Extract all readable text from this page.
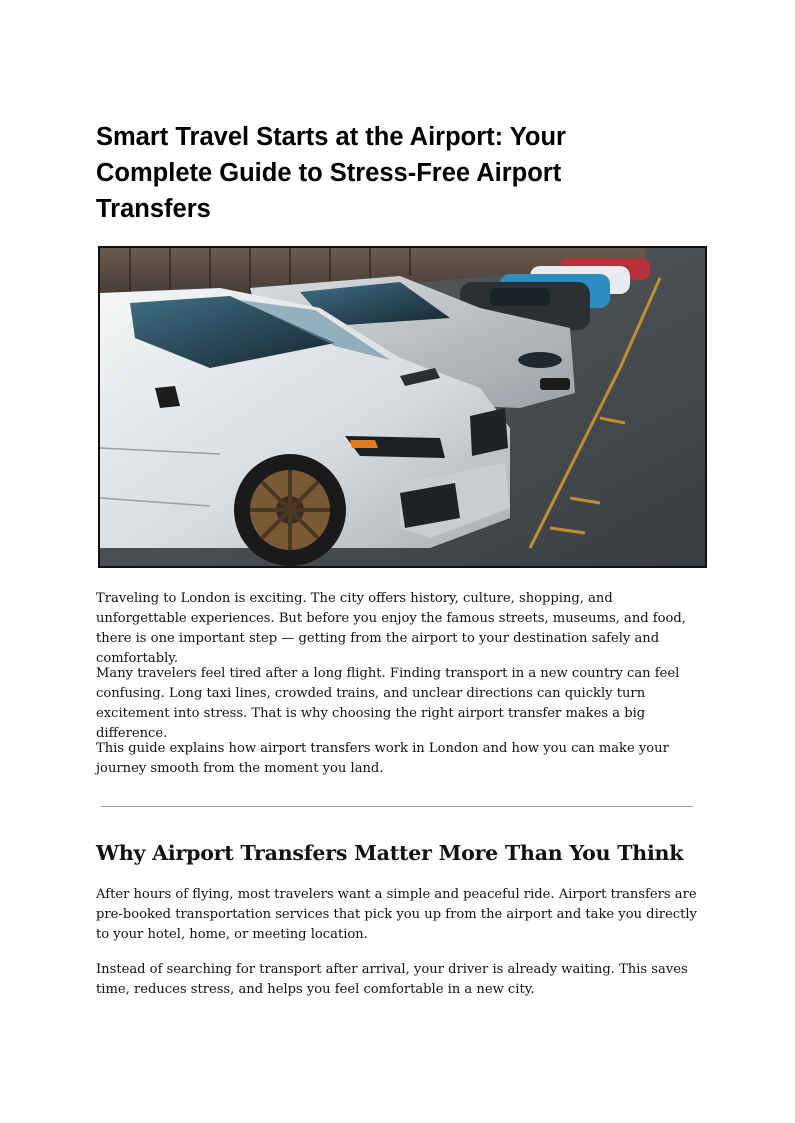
Smart Travel Starts at the Airport: Your Complete Guide to Stress-Free Airport Transfers

Traveling to London is exciting. The city offers history, culture, shopping, and unforgettable experiences. But before you enjoy the famous streets, museums, and food, there is one important step — getting from the airport to your destination safely and comfortably.

Many travelers feel tired after a long flight. Finding transport in a new country can feel confusing. Long taxi lines, crowded trains, and unclear directions can quickly turn excitement into stress. That is why choosing the right airport transfer makes a big difference.

This guide explains how airport transfers work in London and how you can make your journey smooth from the moment you land.

Why Airport Transfers Matter More Than You Think

After hours of flying, most travelers want a simple and peaceful ride. Airport transfers are pre-booked transportation services that pick you up from the airport and take you directly to your hotel, home, or meeting location.

Instead of searching for transport after arrival, your driver is already waiting. This saves time, reduces stress, and helps you feel comfortable in a new city.
